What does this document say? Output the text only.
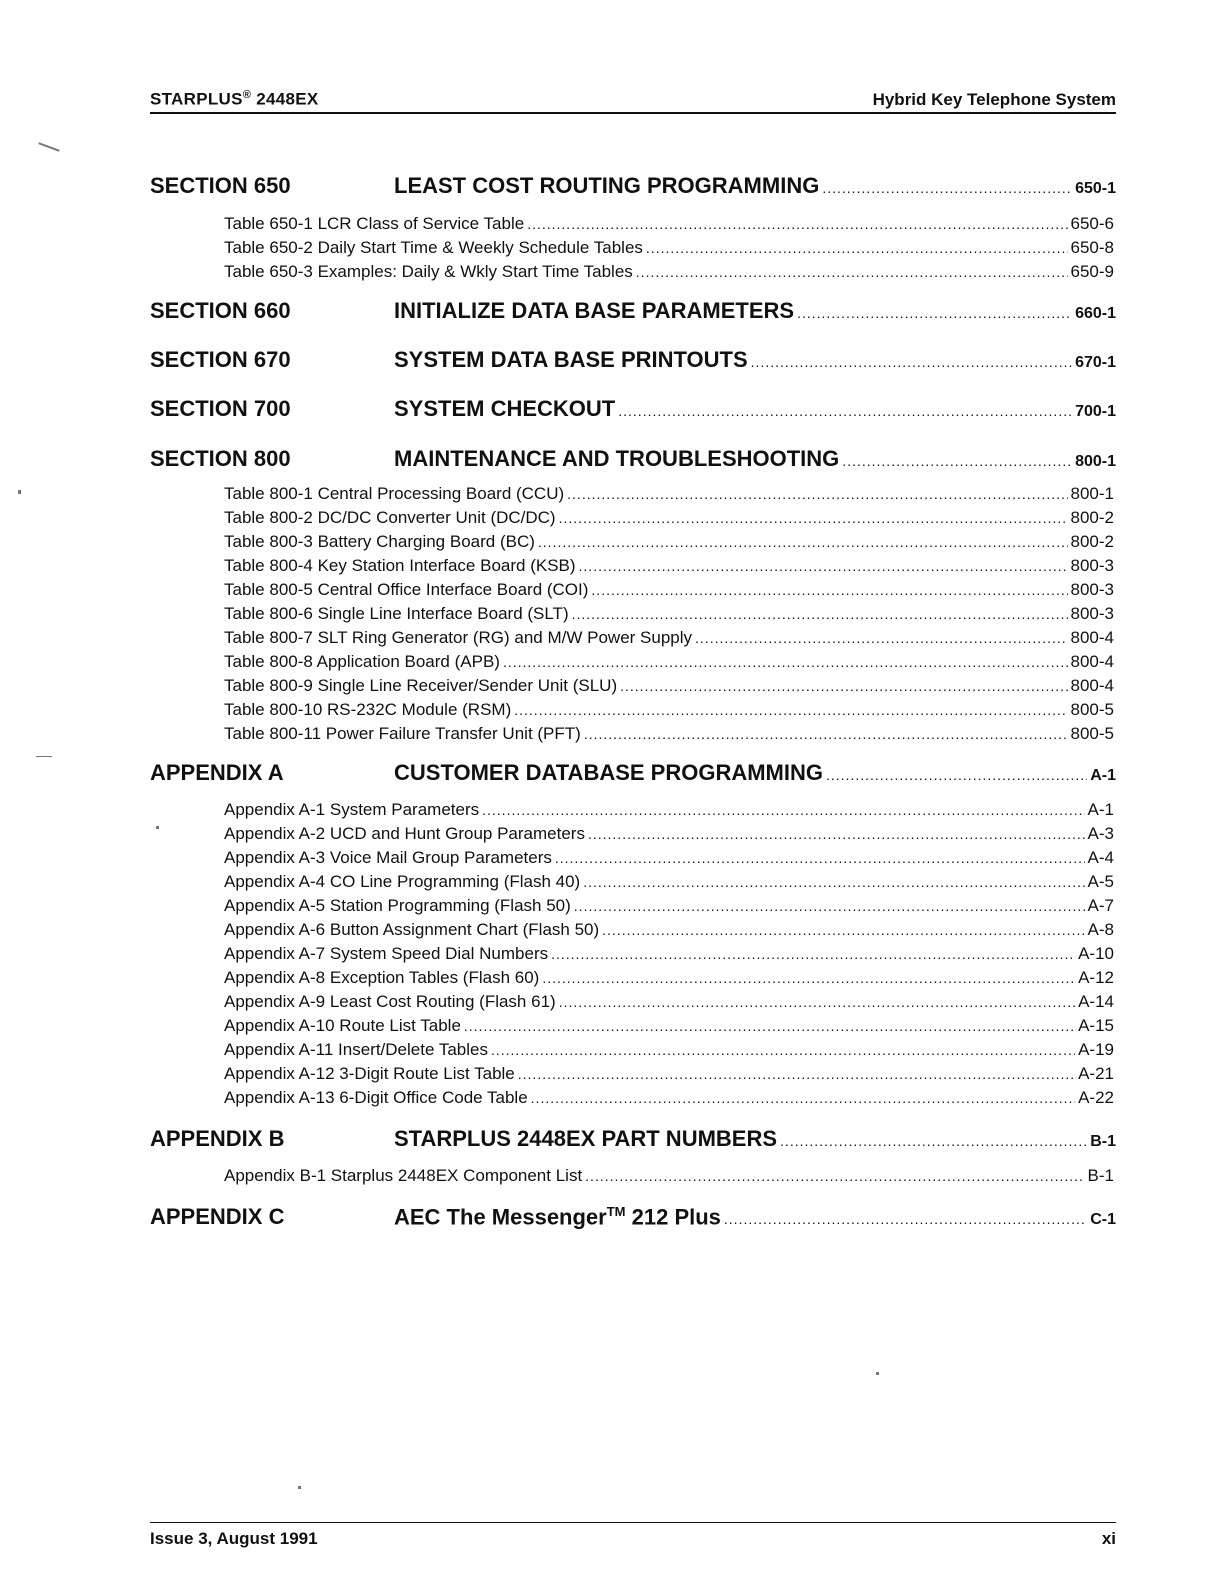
STARPLUS® 2448EX	Hybrid Key Telephone System
SECTION 650	LEAST COST ROUTING PROGRAMMING .....	650-1
Table 650-1 LCR Class of Service Table .....	650-6
Table 650-2 Daily Start Time & Weekly Schedule Tables .....	650-8
Table 650-3 Examples: Daily & Wkly Start Time Tables .....	650-9
SECTION 660	INITIALIZE DATA BASE PARAMETERS .....	660-1
SECTION 670	SYSTEM DATA BASE PRINTOUTS .....	670-1
SECTION 700	SYSTEM CHECKOUT .....	700-1
SECTION 800	MAINTENANCE AND TROUBLESHOOTING .....	800-1
Table 800-1 Central Processing Board (CCU) .....	800-1
Table 800-2 DC/DC Converter Unit (DC/DC) .....	800-2
Table 800-3 Battery Charging Board (BC) .....	800-2
Table 800-4 Key Station Interface Board (KSB) .....	800-3
Table 800-5 Central Office Interface Board (COI) .....	800-3
Table 800-6 Single Line Interface Board (SLT) .....	800-3
Table 800-7 SLT Ring Generator (RG) and M/W Power Supply .....	800-4
Table 800-8 Application Board (APB) .....	800-4
Table 800-9 Single Line Receiver/Sender Unit (SLU) .....	800-4
Table 800-10 RS-232C Module (RSM) .....	800-5
Table 800-11 Power Failure Transfer Unit (PFT) .....	800-5
APPENDIX A	CUSTOMER DATABASE PROGRAMMING .....	A-1
Appendix A-1 System Parameters .....	A-1
Appendix A-2 UCD and Hunt Group Parameters .....	A-3
Appendix A-3 Voice Mail Group Parameters .....	A-4
Appendix A-4 CO Line Programming (Flash 40) .....	A-5
Appendix A-5 Station Programming (Flash 50) .....	A-7
Appendix A-6 Button Assignment Chart (Flash 50) .....	A-8
Appendix A-7 System Speed Dial Numbers .....	A-10
Appendix A-8 Exception Tables (Flash 60) .....	A-12
Appendix A-9 Least Cost Routing (Flash 61) .....	A-14
Appendix A-10 Route List Table .....	A-15
Appendix A-11 Insert/Delete Tables .....	A-19
Appendix A-12 3-Digit Route List Table .....	A-21
Appendix A-13 6-Digit Office Code Table .....	A-22
APPENDIX B	STARPLUS 2448EX PART NUMBERS .....	B-1
Appendix B-1 Starplus 2448EX Component List .....	B-1
APPENDIX C	AEC The Messenger™ 212 Plus .....	C-1
Issue 3, August 1991	xi
